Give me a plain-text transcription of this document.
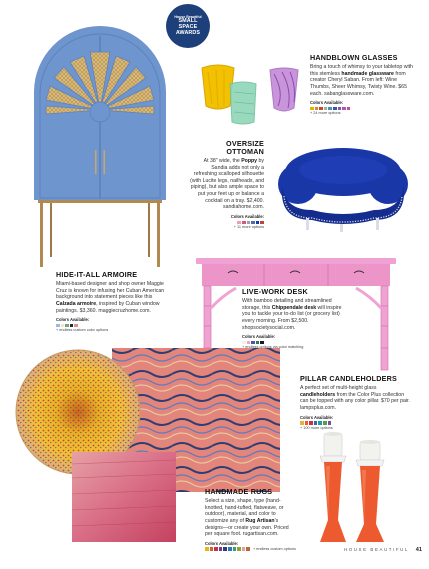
House Beautiful
SMALL
SPACE
AWARDS
HANDBLOWN GLASSES
Bring a touch of whimsy to your tabletop with this stemless handmade glassware from creator Cheryl Saban. From left: Wine Thumbs, Sheer Whimsy, Twisty Wine. $65 each. sabanglassware.com.
Colors Available:
+ 24 more options
OVERSIZE
OTTOMAN
At 38" wide, the Poppy by Sandia adds not only a refreshing scalloped silhouette (with Lucite legs, nailheads, and piping), but also ample space to put your feet up or balance a cocktail on a tray. $2,400. sandiahome.com.
Colors Available:
+ 11 more options
HIDE-IT-ALL ARMOIRE
Miami-based designer and shop owner Maggie Cruz is known for infusing her Cuban American background into statement pieces like this Calzada armoire, inspired by Cuban window paintings. $3,360. maggiecruzhome.com.
Colors Available:
+ endless custom color options
LIVE-WORK DESK
With bamboo detailing and streamlined storage, this Chippendale desk will inspire you to tackle your to-do list (or grocery list) every morning. From $2,500. shopsocietysocial.com.
Colors Available:
+ endless options via color matching
PILLAR CANDLEHOLDERS
A perfect set of multi-height glass candleholders from the Color Plus collection can be topped with any color pillar. $70 per pair. lampsplus.com.
Colors Available:
+ 100 more options
HANDMADE RUGS
Select a size, shape, type (hand-knotted, hand-tufted, flatweave, or outdoor), material, and color to customize any of Rug Artisan's designs—or create your own. Priced per square foot. rugartisan.com.
Colors Available:
+ endless custom options	HOUSE BEAUTIFUL 41
